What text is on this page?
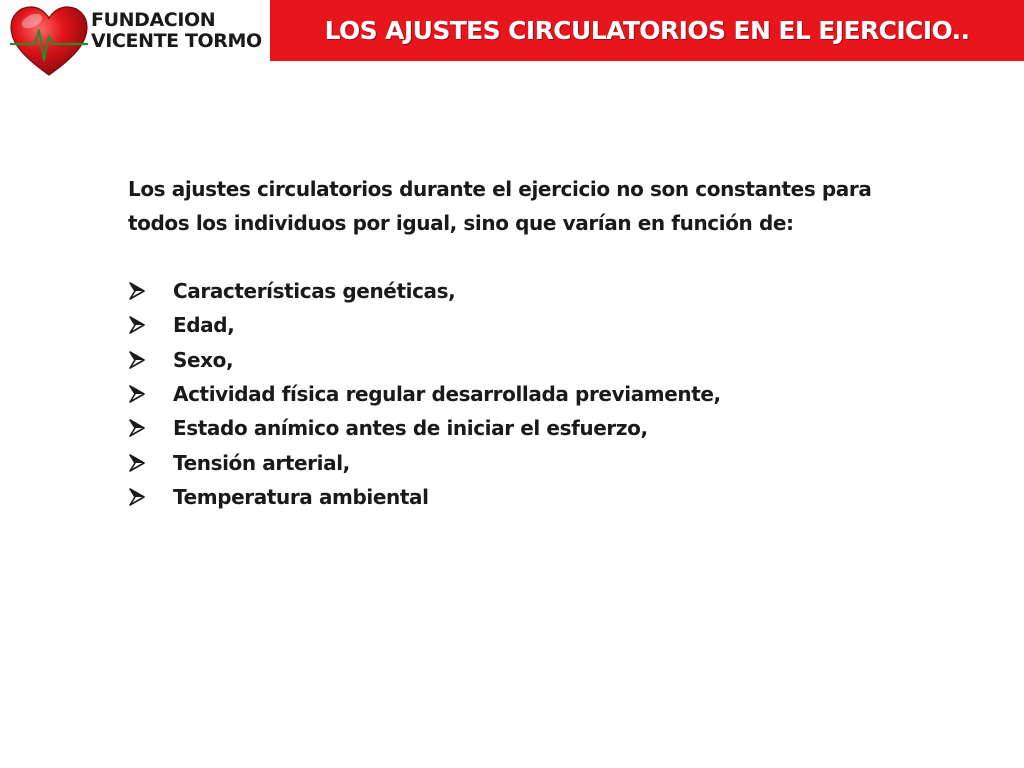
FUNDACION
VICENTE TORMO	LOS AJUSTES CIRCULATORIOS EN EL EJERCICIO..

Los ajustes circulatorios durante el ejercicio no son constantes para
todos los individuos por igual, sino que varían en función de:

Características genéticas,
Edad,
Sexo,
Actividad física regular desarrollada previamente,
Estado anímico antes de iniciar el esfuerzo,
Tensión arterial,
Temperatura ambiental
